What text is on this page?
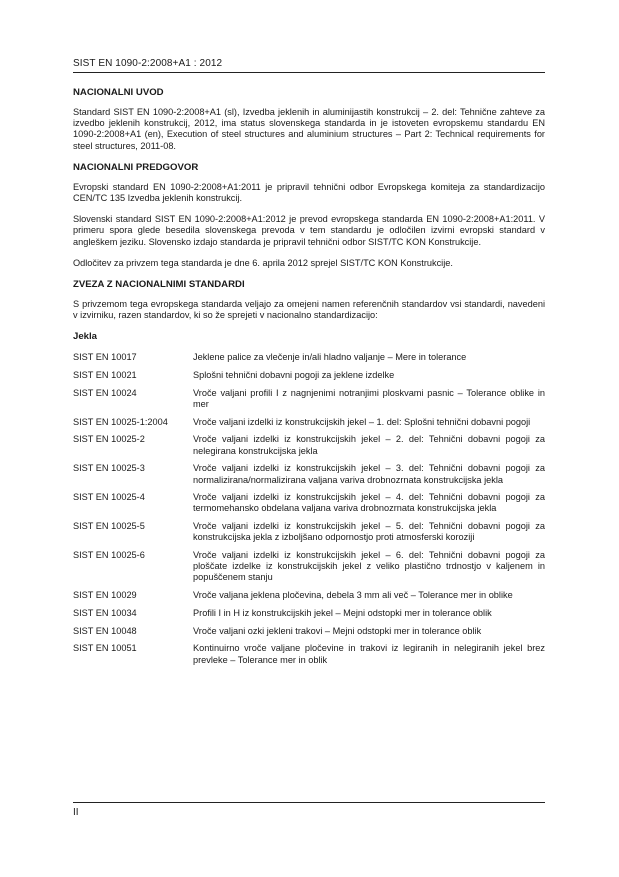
SIST EN 1090-2:2008+A1 : 2012
NACIONALNI UVOD

Standard SIST EN 1090-2:2008+A1 (sl), Izvedba jeklenih in aluminijastih konstrukcij – 2. del: Tehnične zahteve za izvedbo jeklenih konstrukcij, 2012, ima status slovenskega standarda in je istoveten evropskemu standardu EN 1090-2:2008+A1 (en), Execution of steel structures and aluminium structures – Part 2: Technical requirements for steel structures, 2011-08.

NACIONALNI PREDGOVOR

Evropski standard EN 1090-2:2008+A1:2011 je pripravil tehnični odbor Evropskega komiteja za standardizacijo CEN/TC 135 Izvedba jeklenih konstrukcij.

Slovenski standard SIST EN 1090-2:2008+A1:2012 je prevod evropskega standarda EN 1090-2:2008+A1:2011. V primeru spora glede besedila slovenskega prevoda v tem standardu je odločilen izvirni evropski standard v angleškem jeziku. Slovensko izdajo standarda je pripravil tehnični odbor SIST/TC KON Konstrukcije.

Odločitev za privzem tega standarda je dne 6. aprila 2012 sprejel SIST/TC KON Konstrukcije.

ZVEZA Z NACIONALNIMI STANDARDI

S privzemom tega evropskega standarda veljajo za omejeni namen referenčnih standardov vsi standardi, navedeni v izvirniku, razen standardov, ki so že sprejeti v nacionalno standardizacijo:

Jekla
SIST EN 10017	Jeklene palice za vlečenje in/ali hladno valjanje – Mere in tolerance
SIST EN 10021	Splošni tehnični dobavni pogoji za jeklene izdelke
SIST EN 10024	Vroče valjani profili I z nagnjenimi notranjimi ploskvami pasnic – Tolerance oblike in mer
SIST EN 10025-1:2004	Vroče valjani izdelki iz konstrukcijskih jekel – 1. del: Splošni tehnični dobavni pogoji
SIST EN 10025-2	Vroče valjani izdelki iz konstrukcijskih jekel – 2. del: Tehnični dobavni pogoji za nelegirana konstrukcijska jekla
SIST EN 10025-3	Vroče valjani izdelki iz konstrukcijskih jekel – 3. del: Tehnični dobavni pogoji za normalizirana/normalizirana valjana variva drobnozrnata konstrukcijska jekla
SIST EN 10025-4	Vroče valjani izdelki iz konstrukcijskih jekel – 4. del: Tehnični dobavni pogoji za termomehansko obdelana valjana variva drobnozrnata konstrukcijska jekla
SIST EN 10025-5	Vroče valjani izdelki iz konstrukcijskih jekel – 5. del: Tehnični dobavni pogoji za konstrukcijska jekla z izboljšano odpornostjo proti atmosferski koroziji
SIST EN 10025-6	Vroče valjani izdelki iz konstrukcijskih jekel – 6. del: Tehnični dobavni pogoji za ploščate izdelke iz konstrukcijskih jekel z veliko plastično trdnostjo v kaljenem in popuščenem stanju
SIST EN 10029	Vroče valjana jeklena pločevina, debela 3 mm ali več – Tolerance mer in oblike
SIST EN 10034	Profili I in H iz konstrukcijskih jekel – Mejni odstopki mer in tolerance oblik
SIST EN 10048	Vroče valjani ozki jekleni trakovi – Mejni odstopki mer in tolerance oblik
SIST EN 10051	Kontinuirno vroče valjane pločevine in trakovi iz legiranih in nelegiranih jekel brez prevleke – Tolerance mer in oblik
II
